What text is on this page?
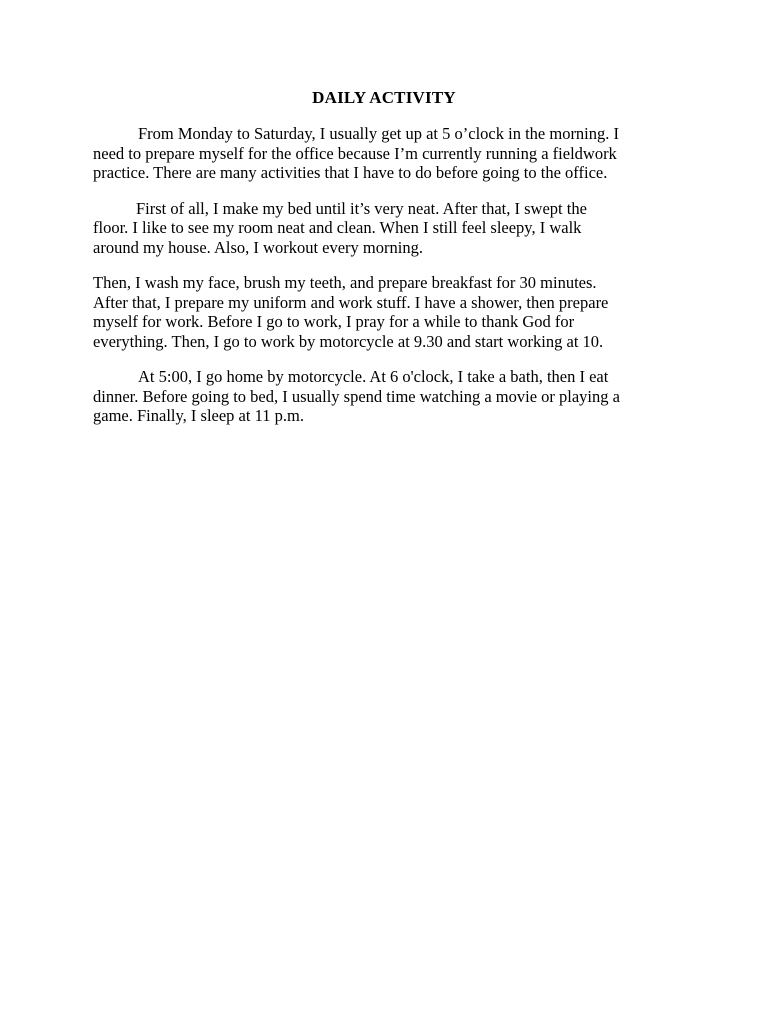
DAILY ACTIVITY

From Monday to Saturday, I usually get up at 5 o’clock in the morning. I
need to prepare myself for the office because I’m currently running a fieldwork
practice. There are many activities that I have to do before going to the office.

First of all, I make my bed until it’s very neat. After that, I swept the
floor. I like to see my room neat and clean. When I still feel sleepy, I walk
around my house. Also, I workout every morning.

Then, I wash my face, brush my teeth, and prepare breakfast for 30 minutes.
After that, I prepare my uniform and work stuff. I have a shower, then prepare
myself for work. Before I go to work, I pray for a while to thank God for
everything. Then, I go to work by motorcycle at 9.30 and start working at 10.

At 5:00, I go home by motorcycle. At 6 o'clock, I take a bath, then I eat
dinner. Before going to bed, I usually spend time watching a movie or playing a
game. Finally, I sleep at 11 p.m.
